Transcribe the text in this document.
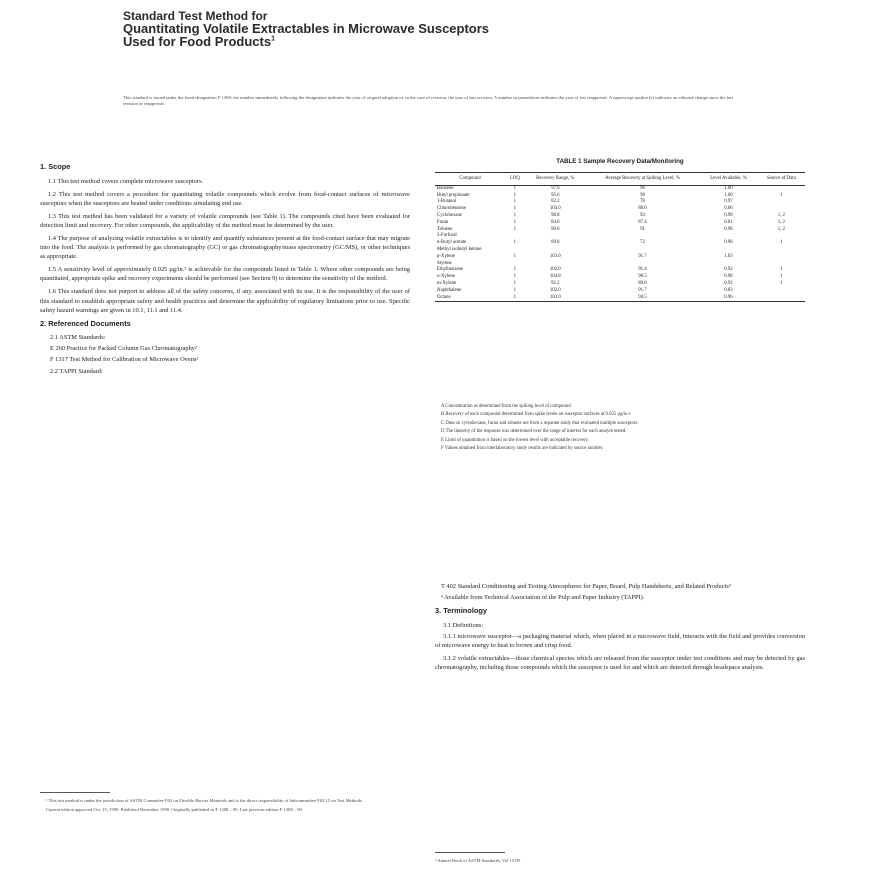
Standard Test Method for
Quantitating Volatile Extractables in Microwave Susceptors
Used for Food Products$^1$
This standard is issued under the fixed designation F 1308; the number immediately following the designation indicates the year of original adoption or, in the case of revision, the year of last revision. A number in parentheses indicates the year of last reapproval. A superscript epsilon (ε) indicates an editorial change since the last revision or reapproval.
1. Scope

1.1 This test method covers complete microwave susceptors.

1.2 This test method covers a procedure for quantitating volatile compounds which evolve from food-contact surfaces of microwave susceptors when the susceptors are heated under conditions simulating end use.

1.3 This test method has been validated for a variety of volatile compounds (see Table 1). The compounds cited have been evaluated for detection limit and recovery. For other compounds, the applicability of the method must be determined by the user.

1.4 The purpose of analyzing volatile extractables is to identify and quantify substances present at the food-contact surface that may migrate into the food. The analysis is performed by gas chromatography (GC) or gas chromatography/mass spectrometry (GC/MS), or other techniques as appropriate.

1.5 A sensitivity level of approximately 0.025 μg/in.² is achievable for the compounds listed in Table 1. Where other compounds are being quantitated, appropriate spike and recovery experiments should be performed (see Section 9) to determine the sensitivity of the method.

1.6 This standard does not purport to address all of the safety concerns, if any, associated with its use. It is the responsibility of the user of this standard to establish appropriate safety and health practices and determine the applicability of regulatory limitations prior to use. Specific safety hazard warnings are given in 10.1, 11.1 and 11.4.

2. Referenced Documents

2.1 ASTM Standards:

E 260 Practice for Packed Column Gas Chromatography²

F 1317 Test Method for Calibration of Microwave Ovens²

2.2 TAPPI Standard:

¹ This test method is under the jurisdiction of ASTM Committee F02 on Flexible Barrier Materials and is the direct responsibility of Subcommittee F02.15 on Test Methods.

Current edition approved Oct. 15, 1990. Published December 1990. Originally published as F 1308 – 90. Last previous edition F 1308 – 90.

TABLE 1 Sample Recovery Data/Monitoring
Compound	LOQ	Recovery Range, %	Average Recovery at Spiking Level, %	Level Available, %	Source of Data
Benzene	1	97.6	96	1.00	
Butyl propionate	1	95.6	98	1.00	1
1-Butanol	1	82.2	78	0.97	
Chlorobenzene	1	103.0	88.6	0.66	
Cyclohexane	1	98.8	93	0.98	1, 2
Furan	1	84.6	87.4	0.81	1, 2
Toluene	1	99.6	91	0.98	1, 2
2-Furfural					
n-Butyl acetate	1	89.8	72	0.96	1
Methyl isobutyl ketone					
p-Xylene	1	103.0	91.7	1.03	
Styrene					
Ethylbenzene	1	102.0	91.4	0.92	1
o-Xylene	1	104.8	90.5	0.98	1
m-Xylene	1	92.2	89.8	0.92	1
Naphthalene	1	102.0	91.7	0.83	
Octane	1	103.0	94.5	0.96	

A Concentration as determined from the spiking level of compound.

B Recovery of each compound determined from spike levels on susceptor surfaces at 0.025 μg/in.².

C Data on cyclohexane, furan and toluene are from a separate study that evaluated multiple susceptors.

D The linearity of the response was determined over the range of interest for each analyte tested.

E Limit of quantitation is based on the lowest level with acceptable recovery.

F Values obtained from interlaboratory study results are indicated by source number.

T 402 Standard Conditioning and Testing Atmospheres for Paper, Board, Pulp Handsheets, and Related Products³

³ Available from Technical Association of the Pulp and Paper Industry (TAPPI).

3. Terminology

3.1 Definitions:

3.1.1 microwave susceptor—a packaging material which, when placed in a microwave field, interacts with the field and provides conversion of microwave energy to heat to brown and crisp food.

3.1.2 volatile extractables—those chemical species which are released from the susceptor under test conditions and may be detected by gas chromatography, including those compounds which the susceptor is used for and which are detected through headspace analysis.

² Annual Book of ASTM Standards, Vol 15.09.
